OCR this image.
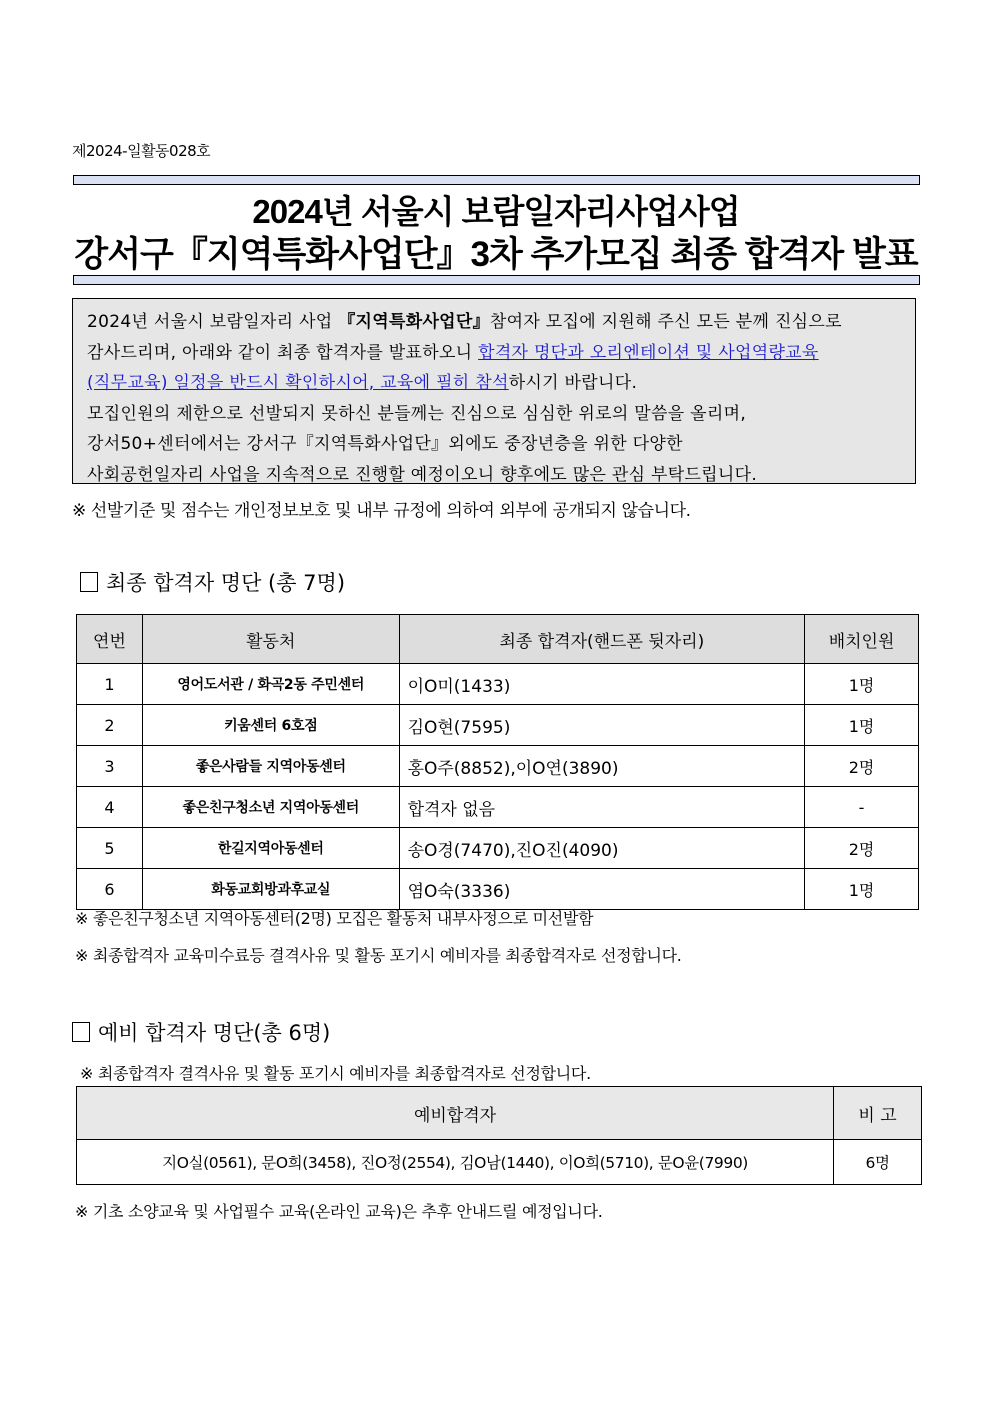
제2024-일활동028호
2024년 서울시 보람일자리사업사업
강서구『지역특화사업단』3차 추가모집 최종 합격자 발표

2024년 서울시 보람일자리 사업 『지역특화사업단』참여자 모집에 지원해 주신 모든 분께 진심으로

감사드리며, 아래와 같이 최종 합격자를 발표하오니 합격자 명단과 오리엔테이션 및 사업역량교육

(직무교육) 일정을 반드시 확인하시어, 교육에 필히 참석하시기 바랍니다.

모집인원의 제한으로 선발되지 못하신 분들께는 진심으로 심심한 위로의 말씀을 올리며,

강서50+센터에서는 강서구『지역특화사업단』외에도 중장년층을 위한 다양한

사회공헌일자리 사업을 지속적으로 진행할 예정이오니 향후에도 많은 관심 부탁드립니다.

※ 선발기준 및 점수는 개인정보보호 및 내부 규정에 의하여 외부에 공개되지 않습니다.
최종 합격자 명단 (총 7명)
연번	활동처	최종 합격자(핸드폰 뒷자리)	배치인원
1	영어도서관 / 화곡2동 주민센터	이O미(1433)	1명
2	키움센터 6호점	김O현(7595)	1명
3	좋은사람들 지역아동센터	홍O주(8852),이O연(3890)	2명
4	좋은친구청소년 지역아동센터	합격자 없음	-
5	한길지역아동센터	송O경(7470),진O진(4090)	2명
6	화동교회방과후교실	염O숙(3336)	1명
※ 좋은친구청소년 지역아동센터(2명) 모집은 활동처 내부사정으로 미선발함
※ 최종합격자 교육미수료등 결격사유 및 활동 포기시 예비자를 최종합격자로 선정합니다.
예비 합격자 명단(총 6명)
※ 최종합격자 결격사유 및 활동 포기시 예비자를 최종합격자로 선정합니다.
예비합격자	비 고
지O실(0561), 문O희(3458), 진O정(2554), 김O남(1440), 이O희(5710), 문O윤(7990)	6명
※ 기초 소양교육 및 사업필수 교육(온라인 교육)은 추후 안내드릴 예정입니다.
